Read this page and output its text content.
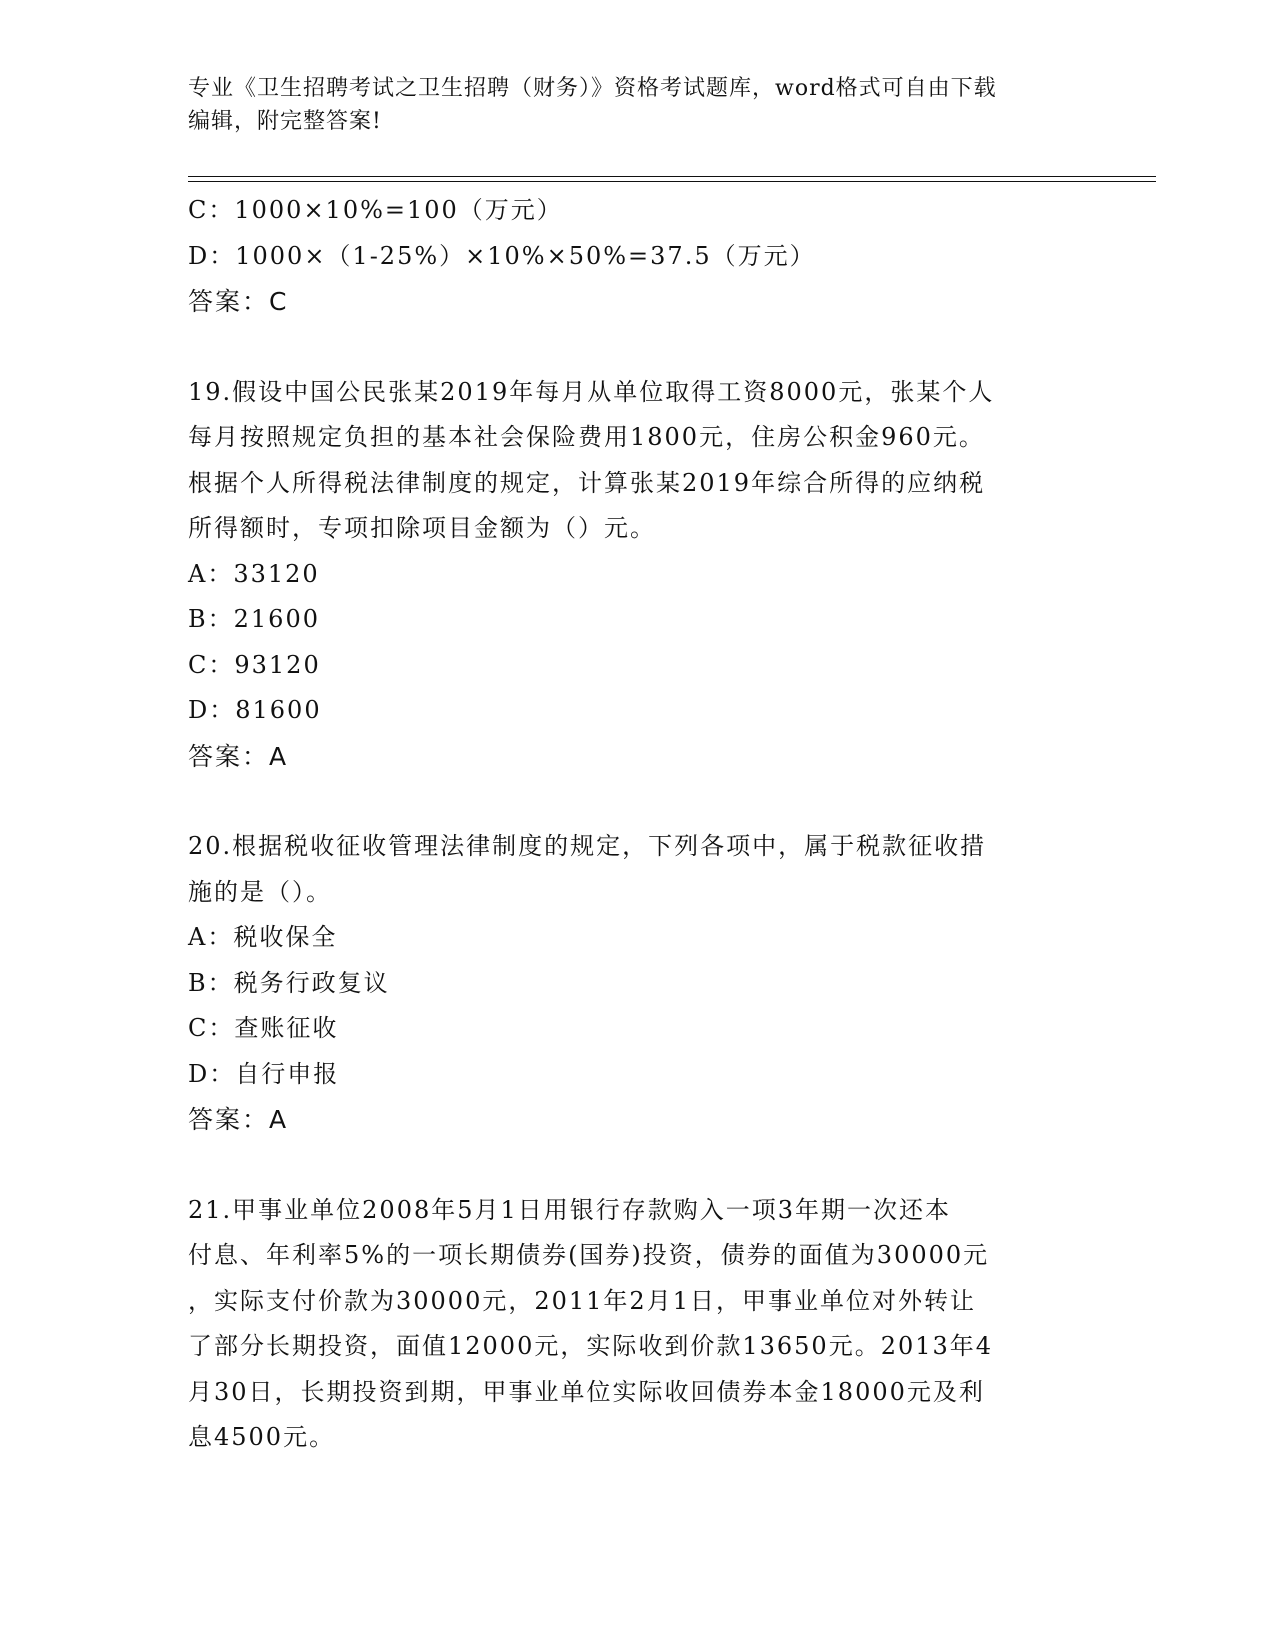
专业《卫生招聘考试之卫生招聘（财务）》资格考试题库，word格式可自由下载
编辑，附完整答案!
C：1000×10%=100（万元）
D：1000×（1-25%）×10%×50%=37.5（万元）
答案：C
19.假设中国公民张某2019年每月从单位取得工资8000元，张某个人
每月按照规定负担的基本社会保险费用1800元，住房公积金960元。
根据个人所得税法律制度的规定，计算张某2019年综合所得的应纳税
所得额时，专项扣除项目金额为（）元。
A：33120
B：21600
C：93120
D：81600
答案：A
20.根据税收征收管理法律制度的规定，下列各项中，属于税款征收措
施的是（）。
A：税收保全
B：税务行政复议
C：查账征收
D：自行申报
答案：A
21.甲事业单位2008年5月1日用银行存款购入一项3年期一次还本
付息、年利率5%的一项长期债券(国券)投资，债券的面值为30000元
，实际支付价款为30000元，2011年2月1日，甲事业单位对外转让
了部分长期投资，面值12000元，实际收到价款13650元。2013年4
月30日，长期投资到期，甲事业单位实际收回债券本金18000元及利
息4500元。
